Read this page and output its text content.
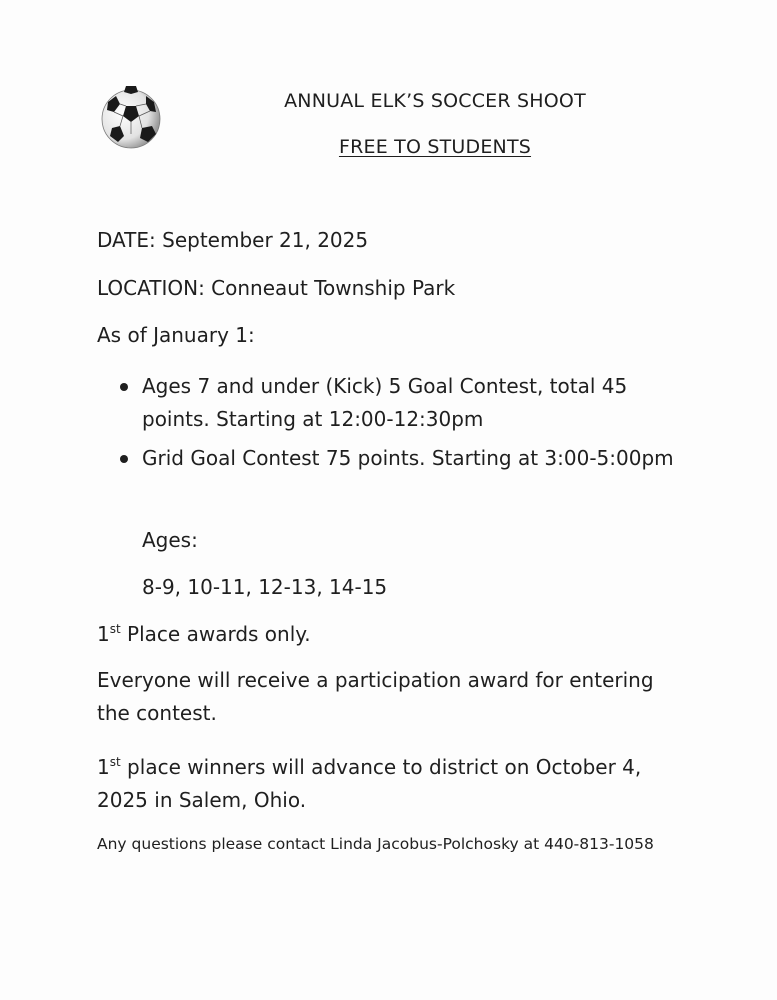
ANNUAL ELK’S SOCCER SHOOT
FREE TO STUDENTS
DATE: September 21, 2025
LOCATION: Conneaut Township Park
As of January 1:
Ages 7 and under (Kick) 5 Goal Contest, total 45 points. Starting at 12:00-12:30pm
Grid Goal Contest 75 points. Starting at 3:00-5:00pm
Ages:
8-9, 10-11, 12-13, 14-15
1st Place awards only.
Everyone will receive a participation award for entering the contest.
1st place winners will advance to district on October 4, 2025 in Salem, Ohio.
Any questions please contact Linda Jacobus-Polchosky at 440-813-1058
